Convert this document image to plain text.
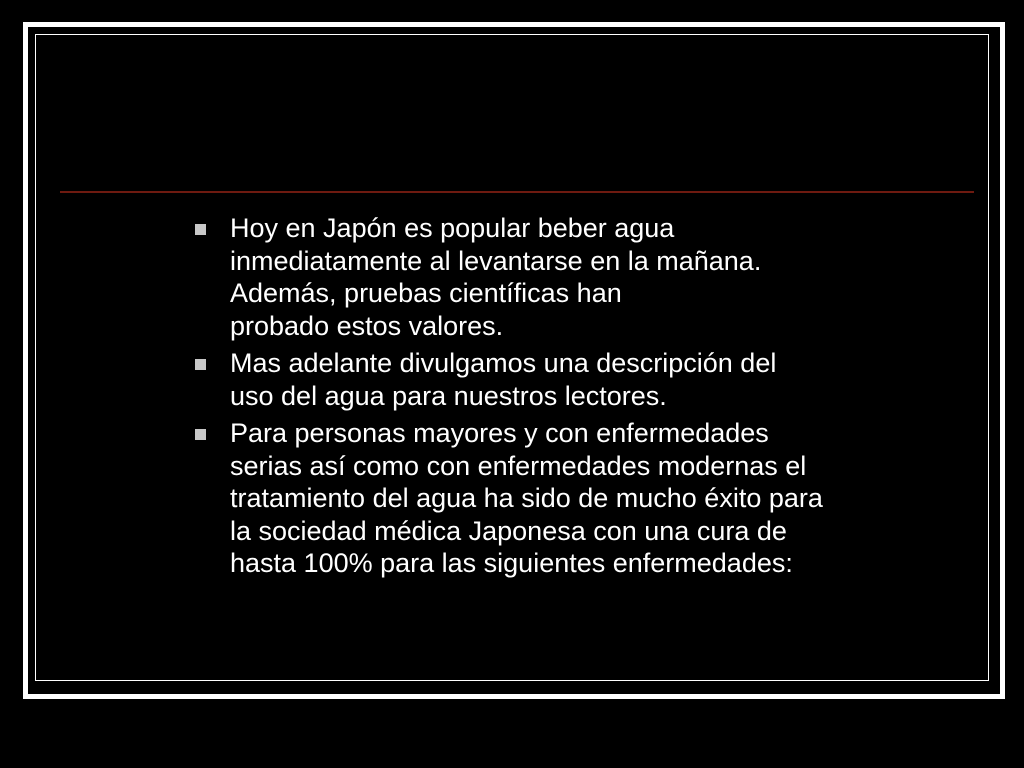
Hoy en Japón es popular beber agua
inmediatamente al levantarse en la mañana.
Además, pruebas científicas han
probado estos valores.
Mas adelante divulgamos una descripción del
uso del agua para nuestros lectores.
Para personas mayores y con enfermedades
serias así como con enfermedades modernas el
tratamiento del agua ha sido de mucho éxito para
la sociedad médica Japonesa con una cura de
hasta 100% para las siguientes enfermedades:
